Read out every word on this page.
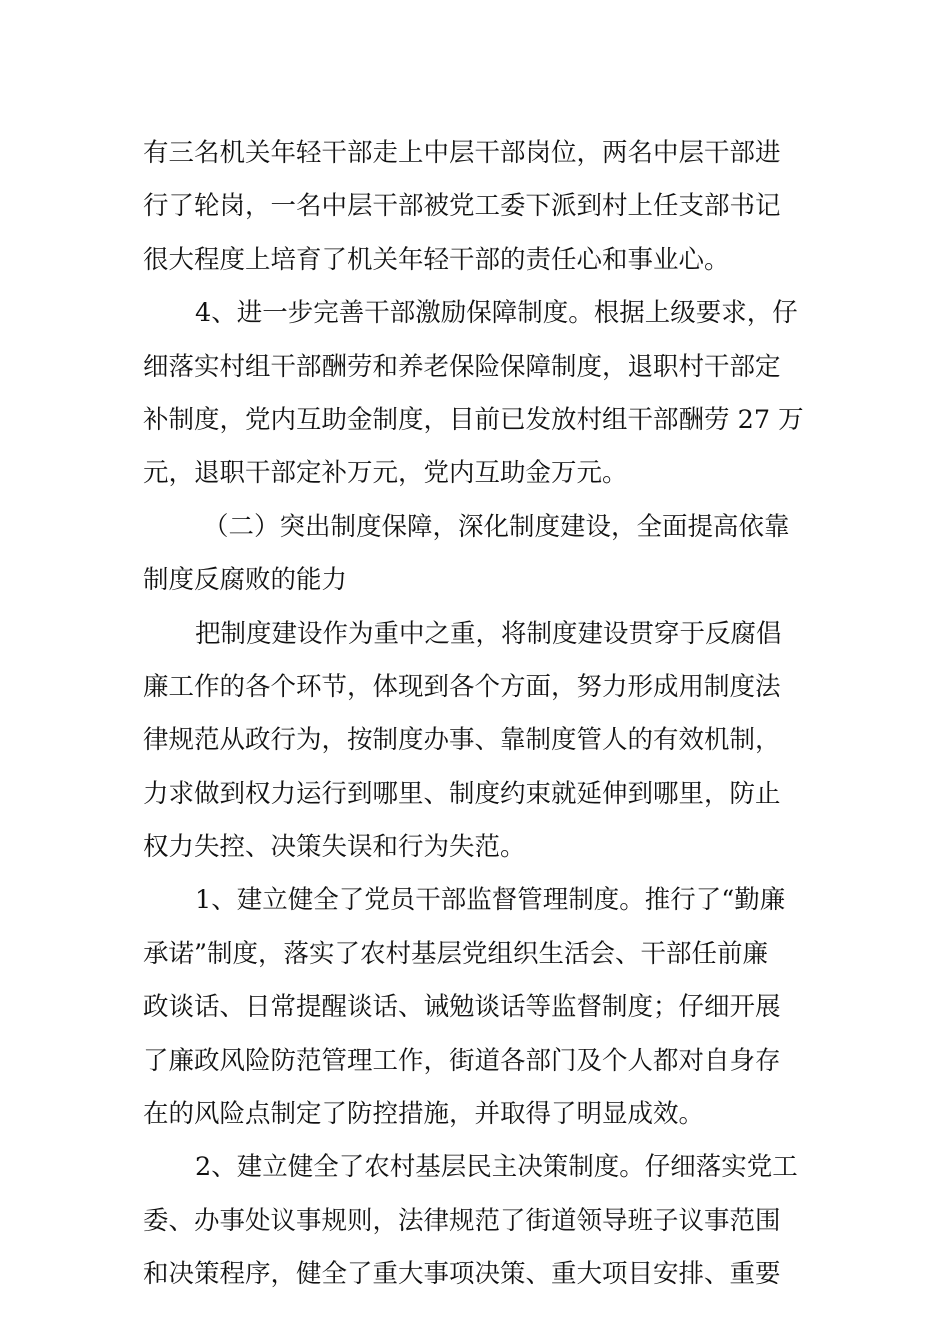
有三名机关年轻干部走上中层干部岗位，两名中层干部进
行了轮岗，一名中层干部被党工委下派到村上任支部书记
很大程度上培育了机关年轻干部的责任心和事业心。
4、进一步完善干部激励保障制度。根据上级要求，仔
细落实村组干部酬劳和养老保险保障制度，退职村干部定
补制度，党内互助金制度，目前已发放村组干部酬劳 27 万
元，退职干部定补万元，党内互助金万元。
（二）突出制度保障，深化制度建设，全面提高依靠
制度反腐败的能力
把制度建设作为重中之重，将制度建设贯穿于反腐倡
廉工作的各个环节，体现到各个方面，努力形成用制度法
律规范从政行为，按制度办事、靠制度管人的有效机制，
力求做到权力运行到哪里、制度约束就延伸到哪里，防止
权力失控、决策失误和行为失范。
1、建立健全了党员干部监督管理制度。推行了“勤廉
承诺”制度，落实了农村基层党组织生活会、干部任前廉
政谈话、日常提醒谈话、诫勉谈话等监督制度；仔细开展
了廉政风险防范管理工作，街道各部门及个人都对自身存
在的风险点制定了防控措施，并取得了明显成效。
2、建立健全了农村基层民主决策制度。仔细落实党工
委、办事处议事规则，法律规范了街道领导班子议事范围
和决策程序，健全了重大事项决策、重大项目安排、重要
